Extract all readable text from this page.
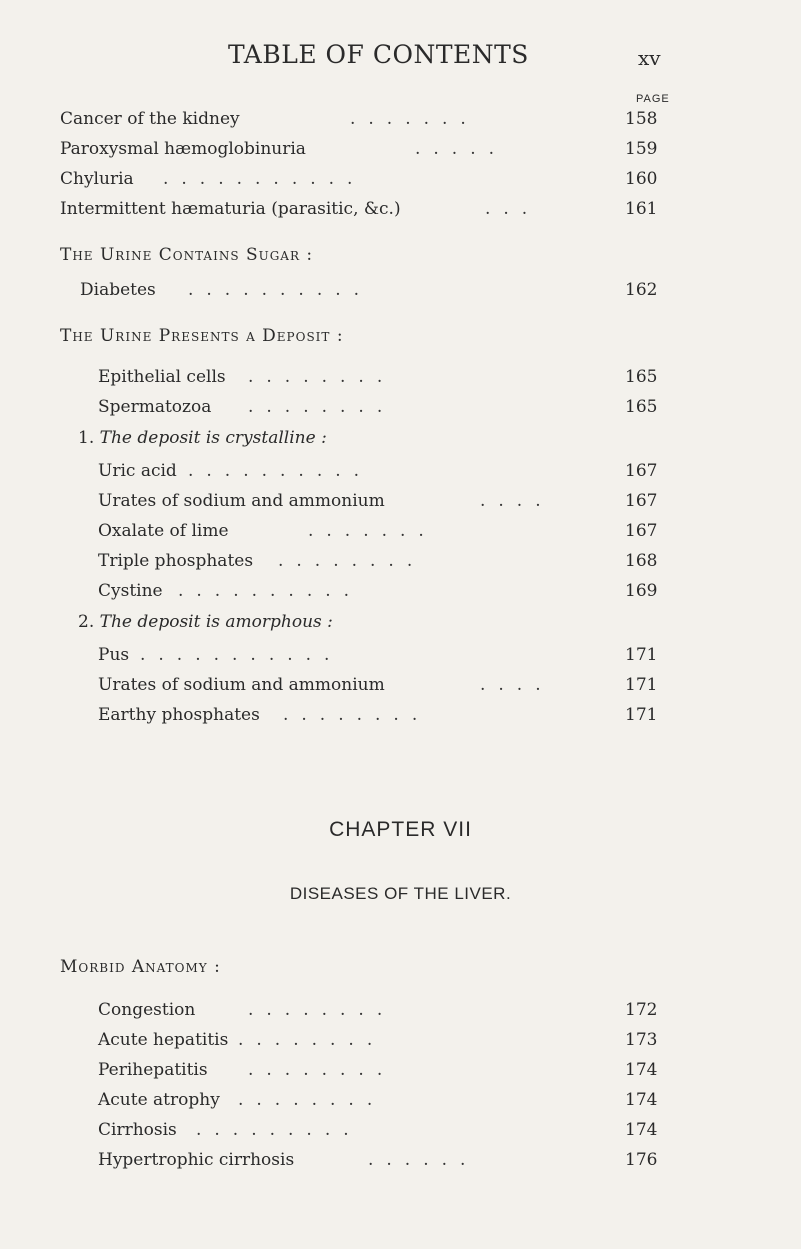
TABLE OF CONTENTS	xv
PAGE
Cancer of the kidney	.......	158
Paroxysmal hæmoglobinuria	.....	159
Chyluria ...........	160
Intermittent hæmaturia (parasitic, &c.)	...	161
The Urine Contains Sugar :
Diabetes ..........	162
The Urine Presents a Deposit :
Epithelial cells ........	165
Spermatozoa ........	165
1. The deposit is crystalline :
Uric acid ..........	167
Urates of sodium and ammonium	....	167
Oxalate of lime	.......	167
Triple phosphates ........	168
Cystine ..........	169
2. The deposit is amorphous :
Pus ...........	171
Urates of sodium and ammonium	....	171
Earthy phosphates ........	171
CHAPTER VII
DISEASES OF THE LIVER.
Morbid Anatomy :
Congestion	........	172
Acute hepatitis ........	173
Perihepatitis ........	174
Acute atrophy ........	174
Cirrhosis .........	174
Hypertrophic cirrhosis	......	176
